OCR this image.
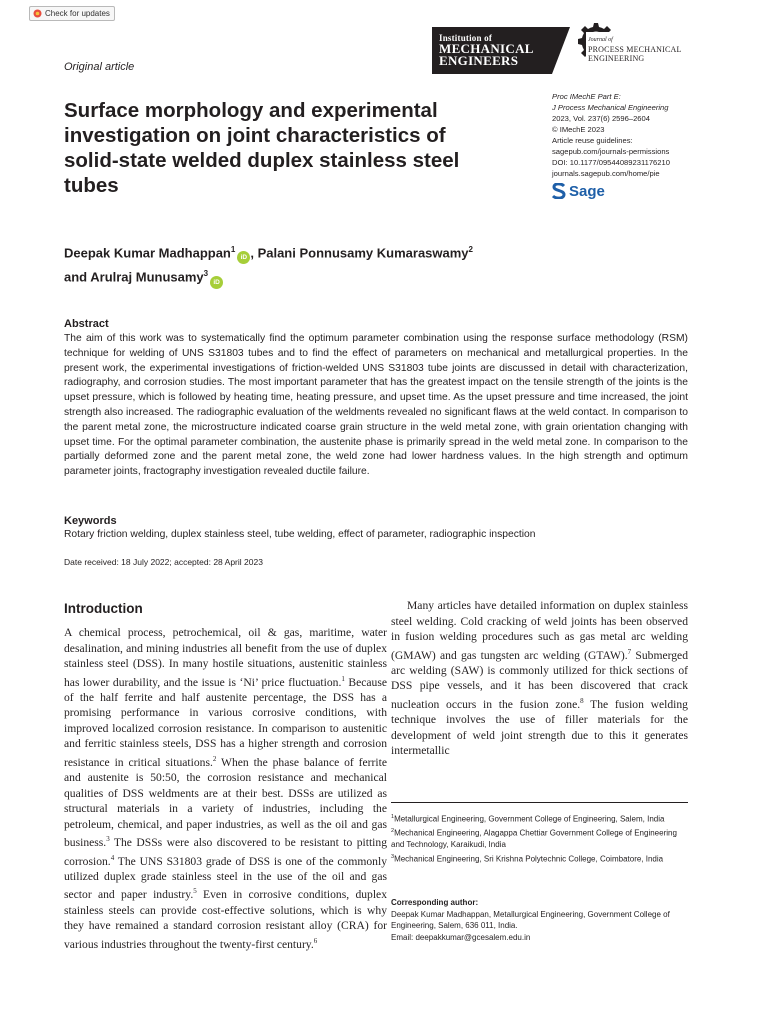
Check for updates
Original article
Institution of
MECHANICAL
ENGINEERS
Journal of
PROCESS MECHANICAL
ENGINEERING
Surface morphology and experimental investigation on joint characteristics of solid-state welded duplex stainless steel tubes
Proc IMechE Part E:
J Process Mechanical Engineering
2023, Vol. 237(6) 2596–2604
© IMechE 2023
Article reuse guidelines:
sagepub.com/journals-permissions
DOI: 10.1177/09544089231176210
journals.sagepub.com/home/pie
Sage
Deepak Kumar Madhappan$^1$iD , Palani Ponnusamy Kumaraswamy$^2$
and Arulraj Munusamy$^3$iD
Abstract

The aim of this work was to systematically find the optimum parameter combination using the response surface methodology (RSM) technique for welding of UNS S31803 tubes and to find the effect of parameters on mechanical and metallurgical properties. In the present work, the experimental investigations of friction-welded UNS S31803 tube joints are discussed in detail with characterization, radiography, and corrosion studies. The most important parameter that has the greatest impact on the tensile strength of the joints is the upset pressure, which is followed by heating time, heating pressure, and upset time. As the upset pressure and time increased, the joint strength also increased. The radiographic evaluation of the weldments revealed no significant flaws at the weld contact. In comparison to the parent metal zone, the microstructure indicated coarse grain structure in the weld metal zone, with grain orientation changing with upset time. For the optimal parameter combination, the austenite phase is primarily spread in the weld metal zone. In comparison to the partially deformed zone and the parent metal zone, the weld zone had lower hardness values. In the high strength and optimum parameter joints, fractography investigation revealed ductile failure.

Keywords
Rotary friction welding, duplex stainless steel, tube welding, effect of parameter, radiographic inspection
Date received: 18 July 2022; accepted: 28 April 2023
Introduction

A chemical process, petrochemical, oil & gas, maritime, water desalination, and mining industries all benefit from the use of duplex stainless steel (DSS). In many hostile situations, austenitic stainless has lower durability, and the issue is ‘Ni’ price fluctuation.$^1$ Because of the half ferrite and half austenite percentage, the DSS has a promising performance in various corrosive conditions, with improved localized corrosion resistance. In comparison to austenitic and ferritic stainless steels, DSS has a higher strength and corrosion resistance in critical situations.$^2$ When the phase balance of ferrite and austenite is 50:50, the corrosion resistance and mechanical qualities of DSS weldments are at their best. DSSs are utilized as structural materials in a variety of industries, including the petroleum, chemical, and paper industries, as well as the oil and gas business.$^3$ The DSSs were also discovered to be resistant to pitting corrosion.$^4$ The UNS S31803 grade of DSS is one of the commonly utilized duplex grade stainless steel in the use of the oil and gas sector and paper industry.$^5$ Even in corrosive conditions, duplex stainless steels can provide cost-effective solutions, which is why they have remained a standard corrosion resistant alloy (CRA) for various industries throughout the twenty-first century.$^6$

Many articles have detailed information on duplex stainless steel welding. Cold cracking of weld joints has been observed in fusion welding procedures such as gas metal arc welding (GMAW) and gas tungsten arc welding (GTAW).$^7$ Submerged arc welding (SAW) is commonly utilized for thick sections of DSS pipe vessels, and it has been discovered that crack nucleation occurs in the fusion zone.$^8$ The fusion welding technique involves the use of filler materials for the development of weld joint strength due to this it generates intermetallic

$^1$Metallurgical Engineering, Government College of Engineering, Salem, India

$^2$Mechanical Engineering, Alagappa Chettiar Government College of Engineering and Technology, Karaikudi, India

$^3$Mechanical Engineering, Sri Krishna Polytechnic College, Coimbatore, India

Corresponding author:
Deepak Kumar Madhappan, Metallurgical Engineering, Government College of Engineering, Salem, 636 011, India.
Email: deepakkumar@gcesalem.edu.in
